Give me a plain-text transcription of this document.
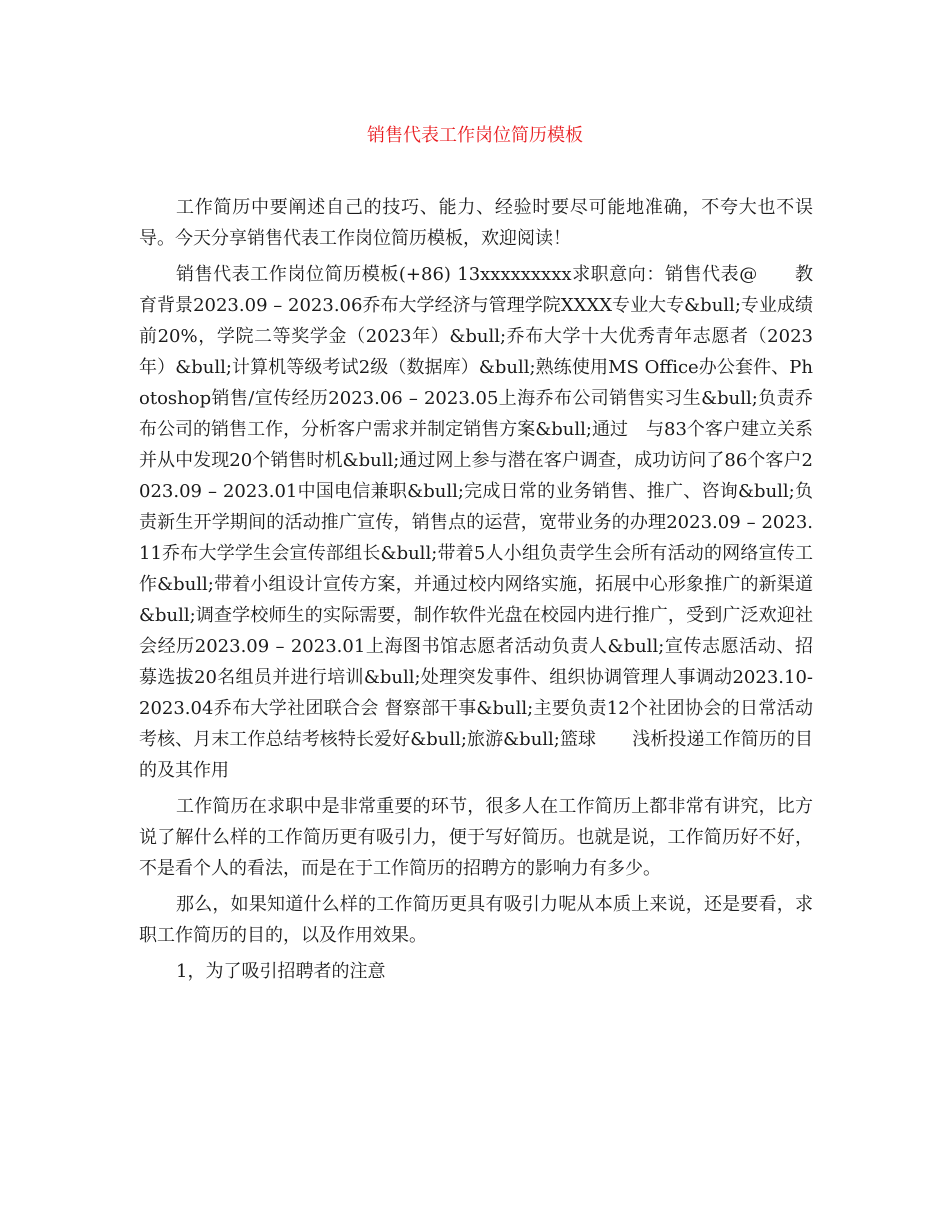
销售代表工作岗位简历模板

工作简历中要阐述自己的技巧、能力、经验时要尽可能地准确，不夸大也不误导。今天分享销售代表工作岗位简历模板，欢迎阅读！

销售代表工作岗位简历模板(+86) 13xxxxxxxxx求职意向：销售代表@　　教育背景2023.09 – 2023.06乔布大学经济与管理学院XXXX专业大专&bull;专业成绩前20%，学院二等奖学金（2023年）&bull;乔布大学十大优秀青年志愿者（2023年）&bull;计算机等级考试2级（数据库）&bull;熟练使用MS Office办公套件、Photoshop销售/宣传经历2023.06 – 2023.05上海乔布公司销售实习生&bull;负责乔布公司的销售工作，分析客户需求并制定销售方案&bull;通过　与83个客户建立关系并从中发现20个销售时机&bull;通过网上参与潜在客户调查，成功访问了86个客户2023.09 – 2023.01中国电信兼职&bull;完成日常的业务销售、推广、咨询&bull;负责新生开学期间的活动推广宣传，销售点的运营，宽带业务的办理2023.09 – 2023.11乔布大学学生会宣传部组长&bull;带着5人小组负责学生会所有活动的网络宣传工作&bull;带着小组设计宣传方案，并通过校内网络实施，拓展中心形象推广的新渠道&bull;调查学校师生的实际需要，制作软件光盘在校园内进行推广，受到广泛欢迎社会经历2023.09 – 2023.01上海图书馆志愿者活动负责人&bull;宣传志愿活动、招募选拔20名组员并进行培训&bull;处理突发事件、组织协调管理人事调动2023.10-2023.04乔布大学社团联合会 督察部干事&bull;主要负责12个社团协会的日常活动考核、月末工作总结考核特长爱好&bull;旅游&bull;篮球　　浅析投递工作简历的目的及其作用

工作简历在求职中是非常重要的环节，很多人在工作简历上都非常有讲究，比方说了解什么样的工作简历更有吸引力，便于写好简历。也就是说，工作简历好不好，不是看个人的看法，而是在于工作简历的招聘方的影响力有多少。

那么，如果知道什么样的工作简历更具有吸引力呢从本质上来说，还是要看，求职工作简历的目的，以及作用效果。

1，为了吸引招聘者的注意
